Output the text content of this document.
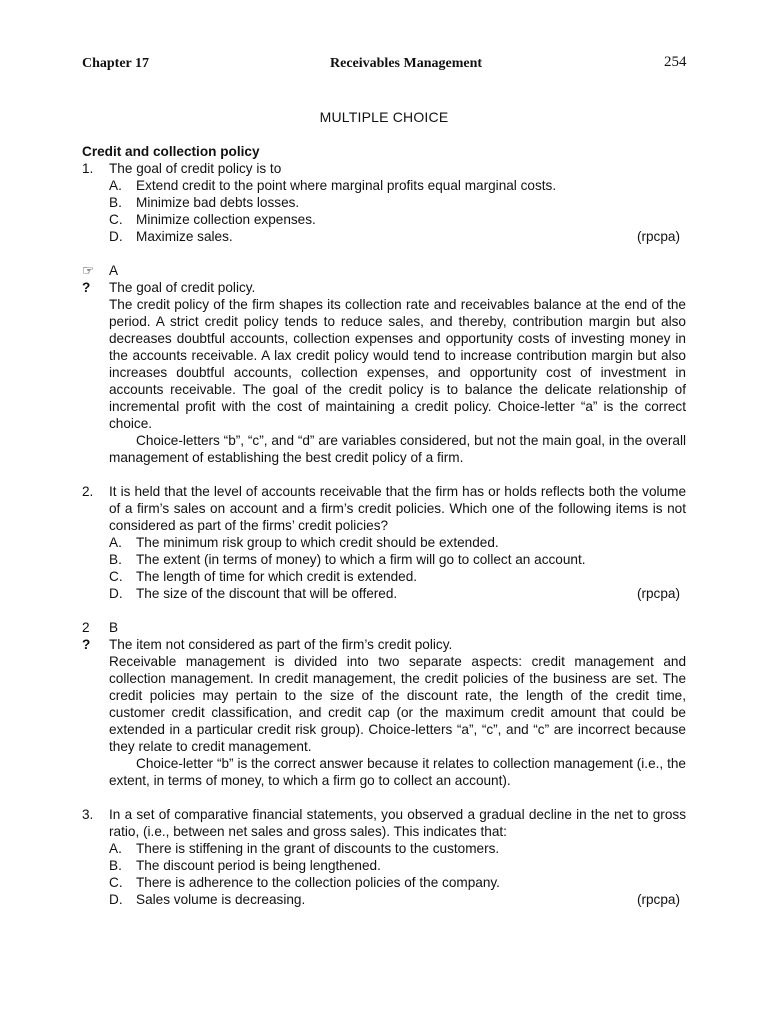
Chapter 17	Receivables Management	254
MULTIPLE CHOICE
Credit and collection policy
1.	The goal of credit policy is to
A.	Extend credit to the point where marginal profits equal marginal costs.
B.	Minimize bad debts losses.
C. Minimize collection expenses.
D. Maximize sales.	(rpcpa)
☞	A
?	The goal of credit policy.
The credit policy of the firm shapes its collection rate and receivables balance at the end of the period. A strict credit policy tends to reduce sales, and thereby, contribution margin but also decreases doubtful accounts, collection expenses and opportunity costs of investing money in the accounts receivable. A lax credit policy would tend to increase contribution margin but also increases doubtful accounts, collection expenses, and opportunity cost of investment in accounts receivable. The goal of the credit policy is to balance the delicate relationship of incremental profit with the cost of maintaining a credit policy. Choice-letter “a” is the correct choice.
Choice-letters “b”, “c”, and “d” are variables considered, but not the main goal, in the overall management of establishing the best credit policy of a firm.
2.	It is held that the level of accounts receivable that the firm has or holds reflects both the volume of a firm’s sales on account and a firm’s credit policies. Which one of the following items is not considered as part of the firms’ credit policies?
A.	The minimum risk group to which credit should be extended.
B.	The extent (in terms of money) to which a firm will go to collect an account.
C. The length of time for which credit is extended.
D. The size of the discount that will be offered.	(rpcpa)
2	B
?	The item not considered as part of the firm’s credit policy.
Receivable management is divided into two separate aspects: credit management and collection management. In credit management, the credit policies of the business are set. The credit policies may pertain to the size of the discount rate, the length of the credit time, customer credit classification, and credit cap (or the maximum credit amount that could be extended in a particular credit risk group). Choice-letters “a”, “c”, and “c” are incorrect because they relate to credit management.
Choice-letter “b” is the correct answer because it relates to collection management (i.e., the extent, in terms of money, to which a firm go to collect an account).
3.	In a set of comparative financial statements, you observed a gradual decline in the net to gross ratio, (i.e., between net sales and gross sales). This indicates that:
A.	There is stiffening in the grant of discounts to the customers.
B.	The discount period is being lengthened.
C. There is adherence to the collection policies of the company.
D. Sales volume is decreasing.	(rpcpa)
